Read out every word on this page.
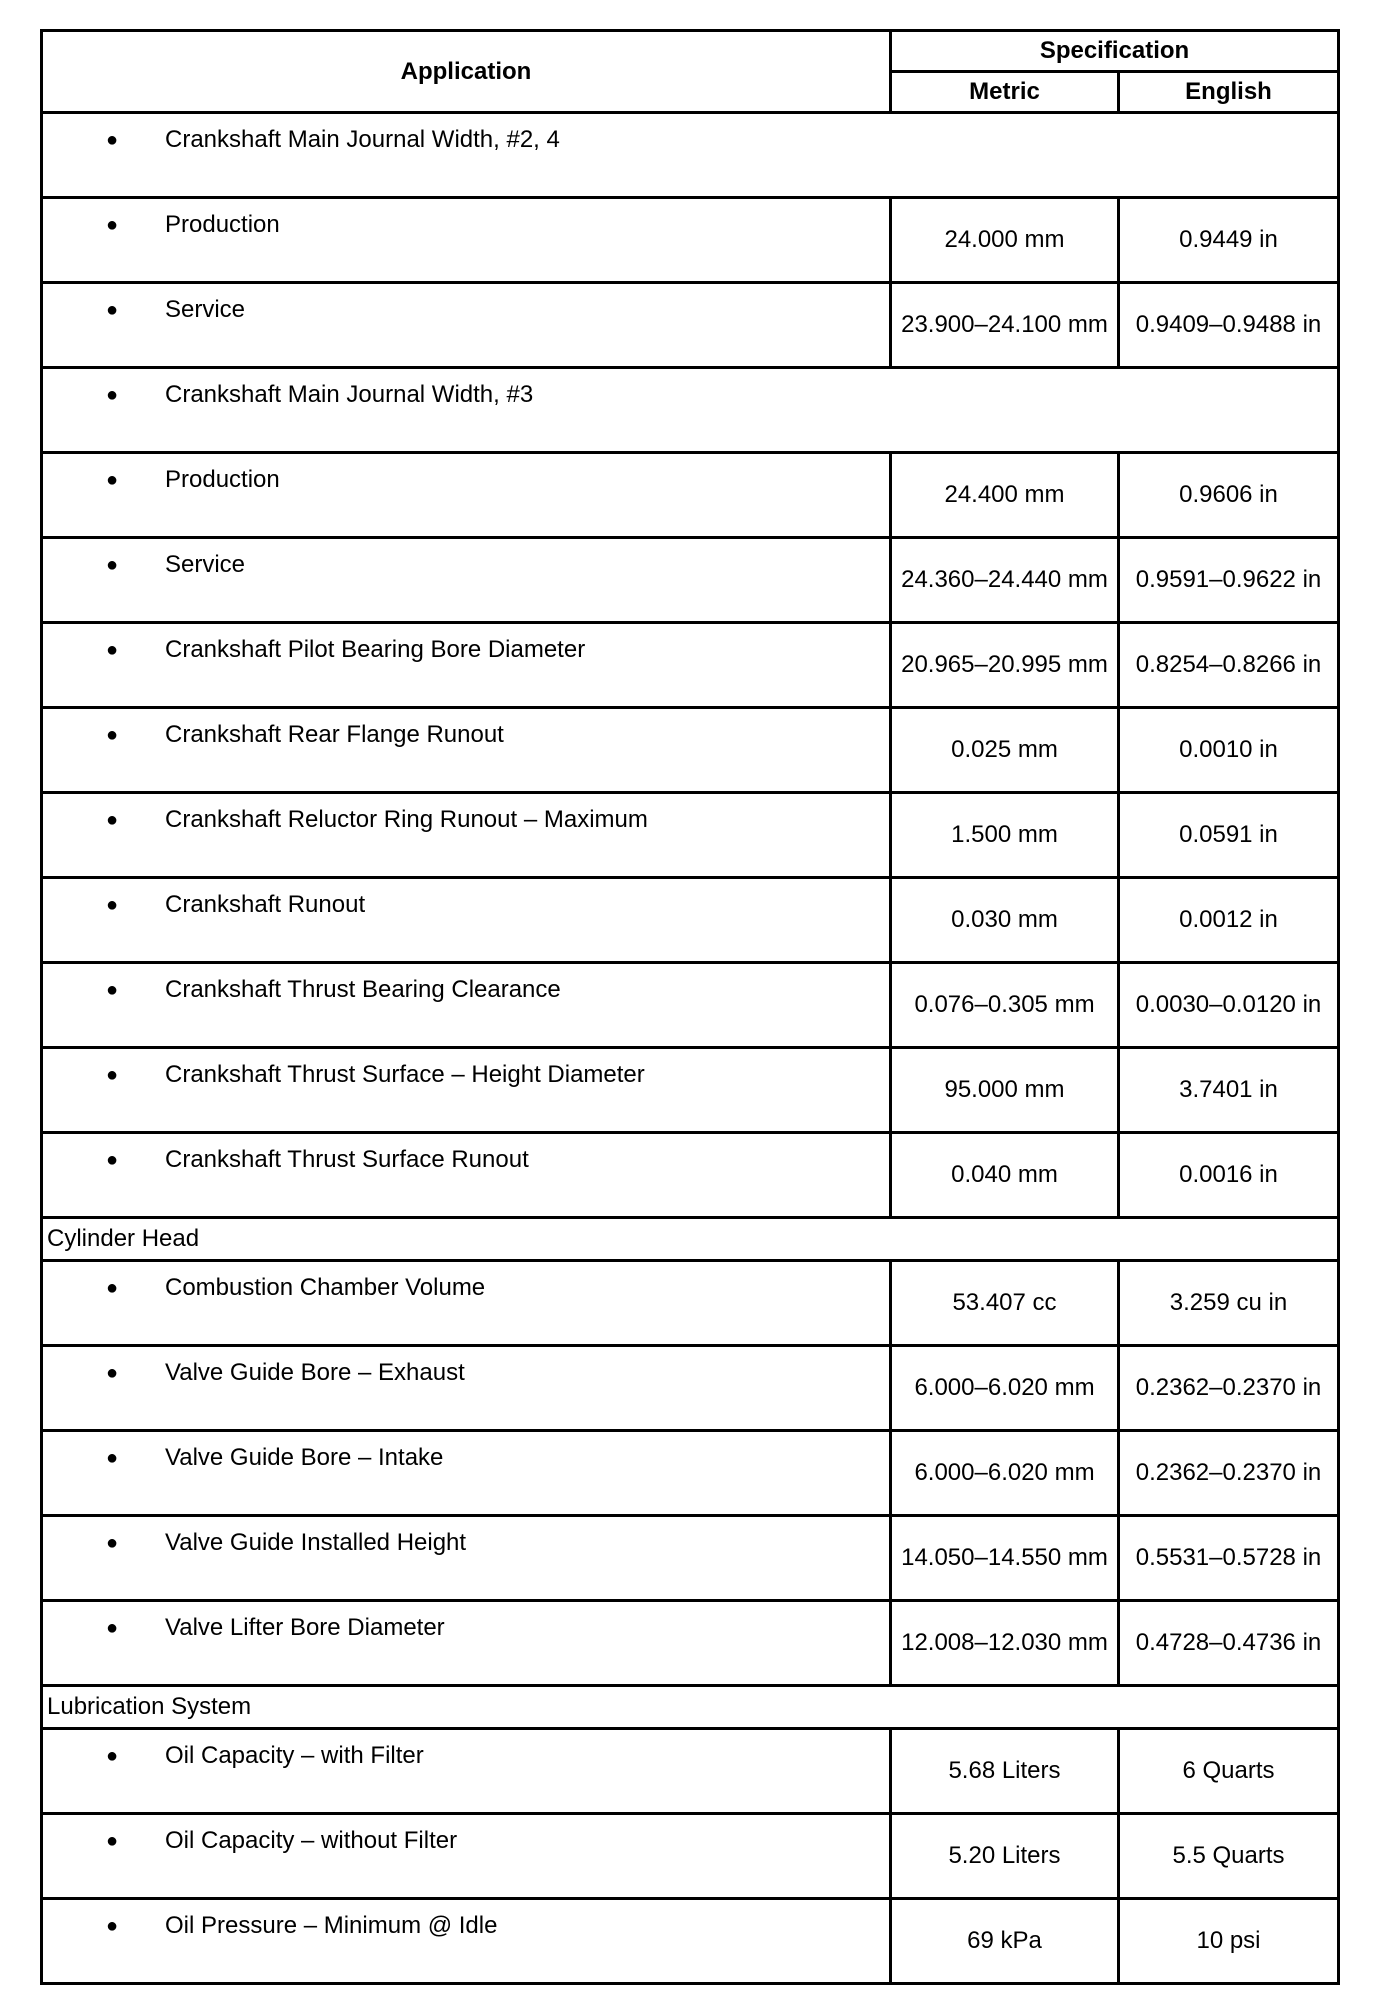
Application	Specification	
	Metric	English

● Crankshaft Main Journal Width, #2, 4		

● Production	24.000 mm	0.9449 in

● Service	23.900–24.100 mm	0.9409–0.9488 in

● Crankshaft Main Journal Width, #3		

● Production	24.400 mm	0.9606 in

● Service	24.360–24.440 mm	0.9591–0.9622 in

● Crankshaft Pilot Bearing Bore Diameter	20.965–20.995 mm	0.8254–0.8266 in

● Crankshaft Rear Flange Runout	0.025 mm	0.0010 in

● Crankshaft Reluctor Ring Runout – Maximum	1.500 mm	0.0591 in

● Crankshaft Runout	0.030 mm	0.0012 in

● Crankshaft Thrust Bearing Clearance	0.076–0.305 mm	0.0030–0.0120 in

● Crankshaft Thrust Surface – Height Diameter	95.000 mm	3.7401 in

● Crankshaft Thrust Surface Runout	0.040 mm	0.0016 in
Cylinder Head		

● Combustion Chamber Volume	53.407 cc	3.259 cu in

● Valve Guide Bore – Exhaust	6.000–6.020 mm	0.2362–0.2370 in

● Valve Guide Bore – Intake	6.000–6.020 mm	0.2362–0.2370 in

● Valve Guide Installed Height	14.050–14.550 mm	0.5531–0.5728 in

● Valve Lifter Bore Diameter	12.008–12.030 mm	0.4728–0.4736 in
Lubrication System		

● Oil Capacity – with Filter	5.68 Liters	6 Quarts

● Oil Capacity – without Filter	5.20 Liters	5.5 Quarts

● Oil Pressure – Minimum @ Idle	69 kPa	10 psi
